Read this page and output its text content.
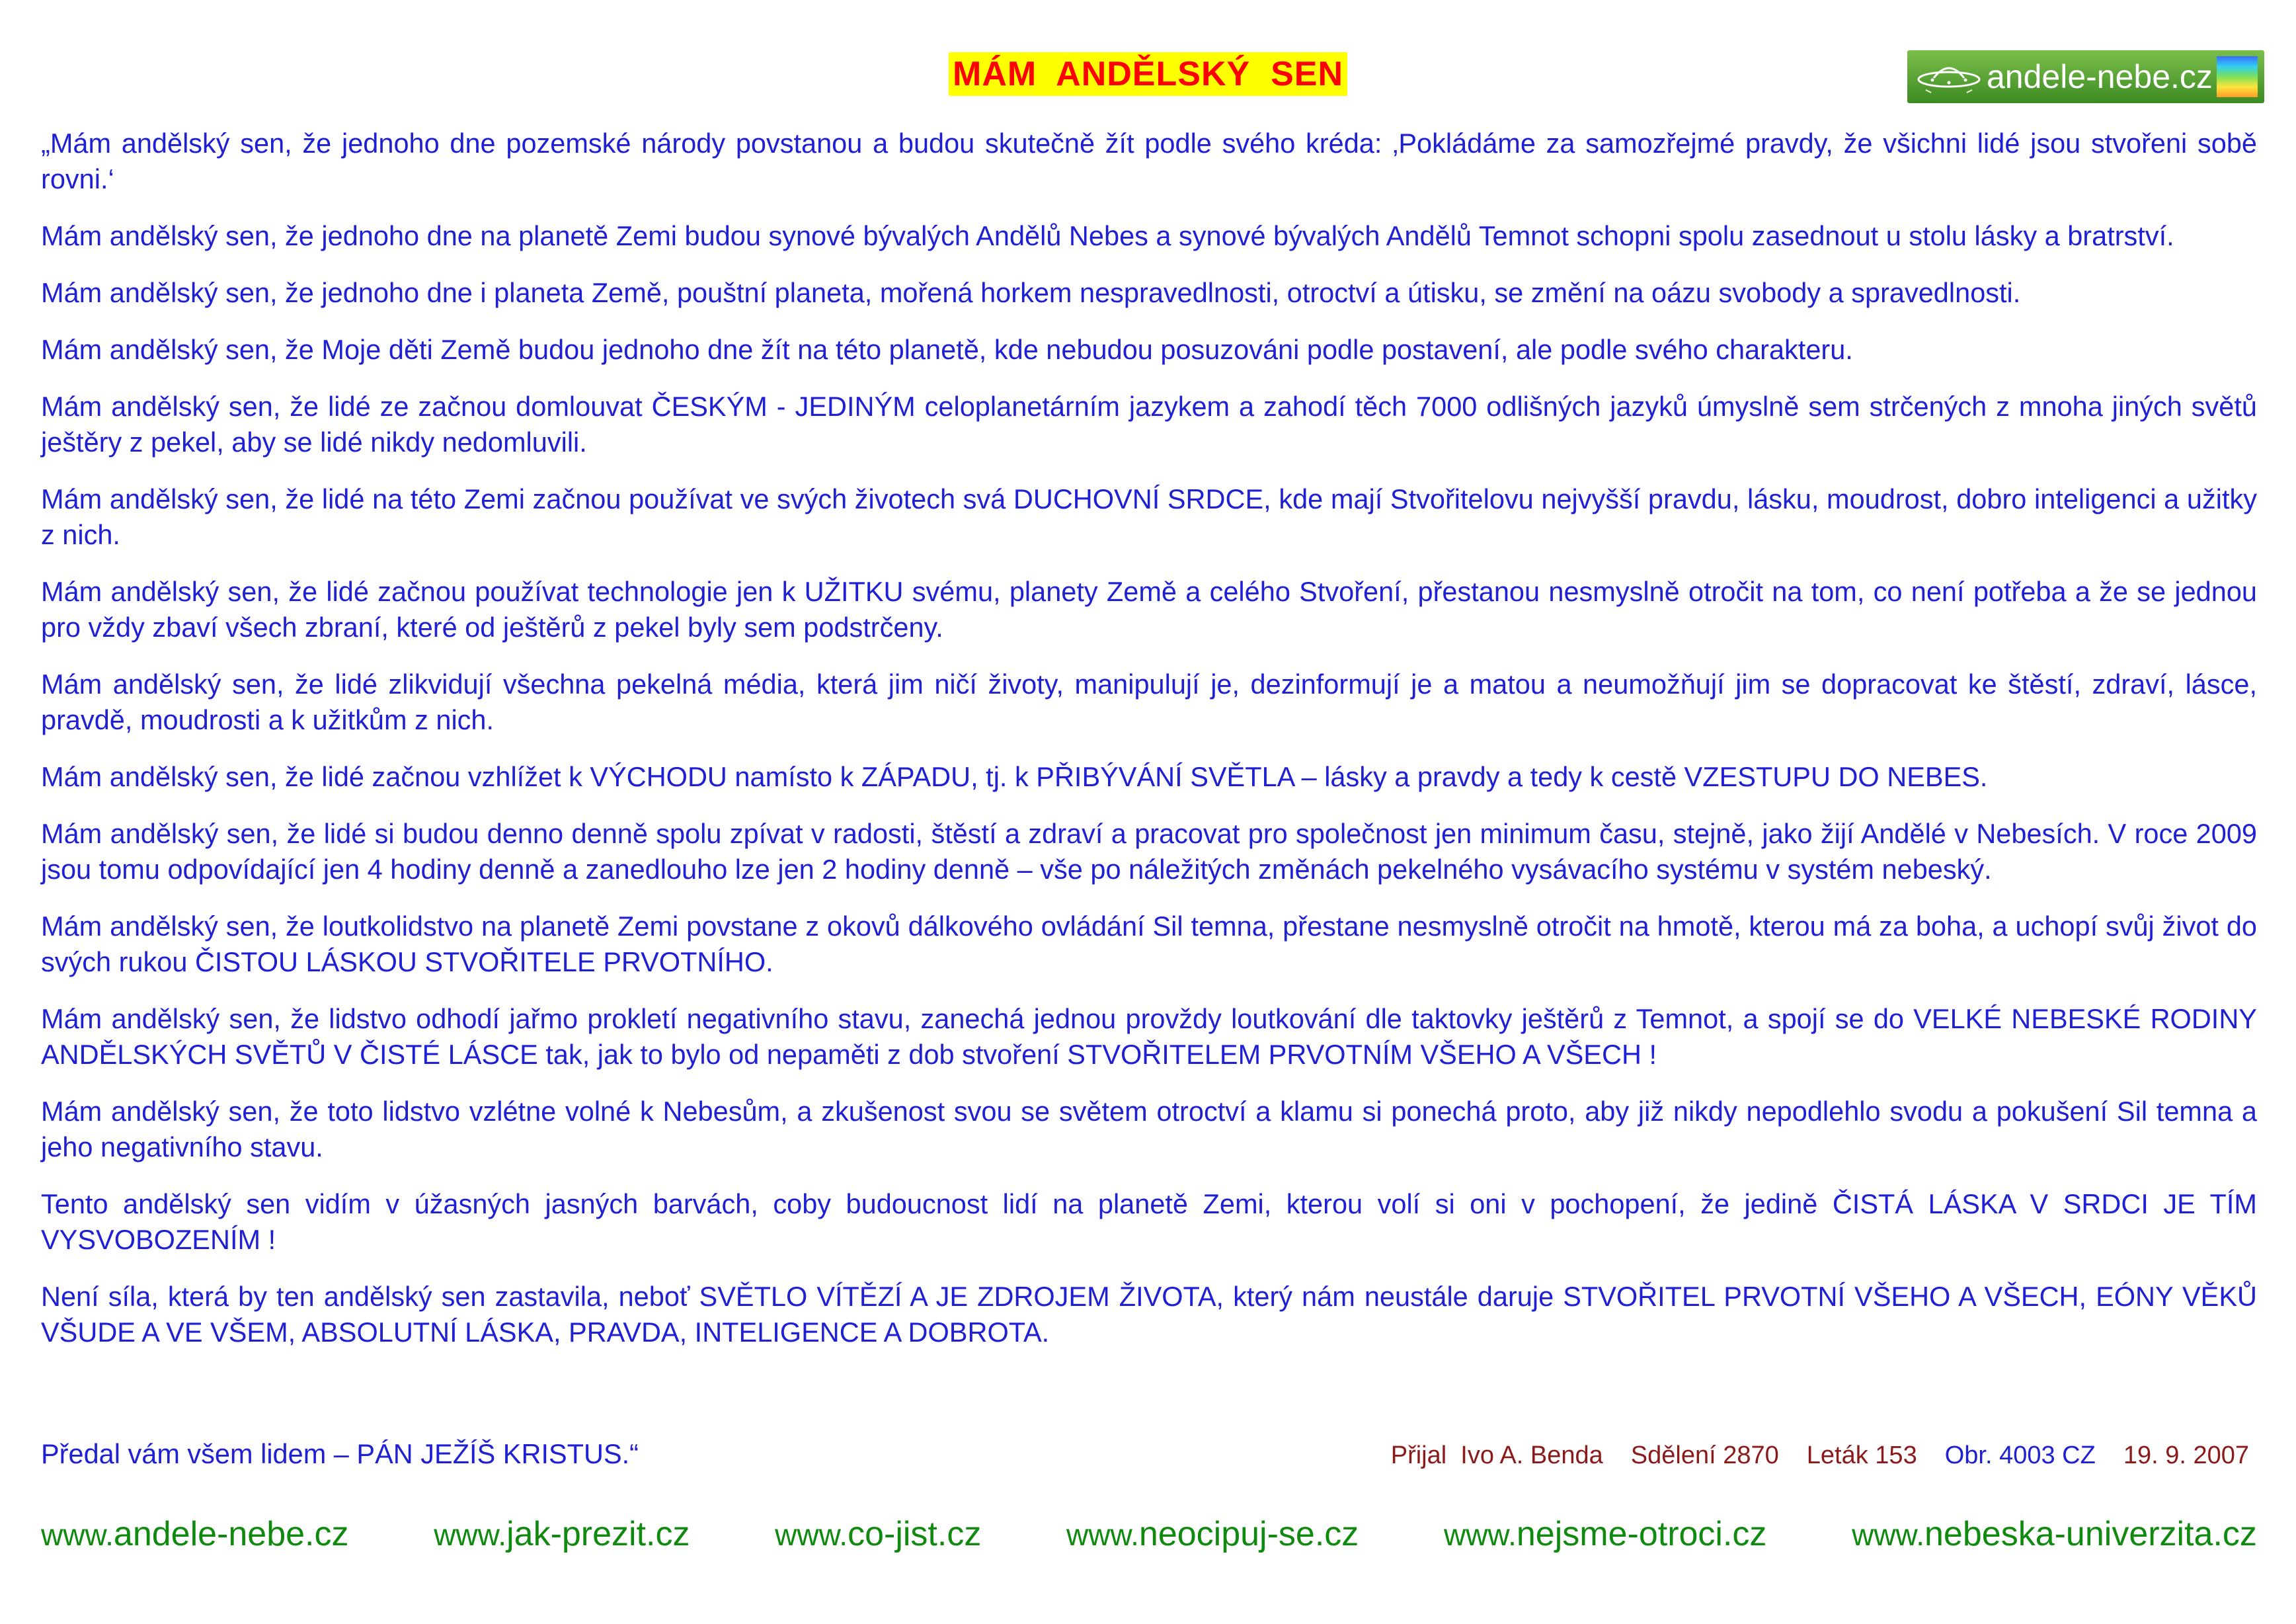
MÁM  ANDĚLSKÝ  SEN	andele-nebe.cz

„Mám andělský sen, že jednoho dne pozemské národy povstanou a budou skutečně žít podle svého kréda: ‚Pokládáme za samozřejmé pravdy, že všichni lidé jsou stvořeni sobě rovni.‘

Mám andělský sen, že jednoho dne na planetě Zemi budou synové bývalých Andělů Nebes a synové bývalých Andělů Temnot schopni spolu zasednout u stolu lásky a bratrství.

Mám andělský sen, že jednoho dne i planeta Země, pouštní planeta, mořená horkem nespravedlnosti, otroctví a útisku, se změní na oázu svobody a spravedlnosti.

Mám andělský sen, že Moje děti Země budou jednoho dne žít na této planetě, kde nebudou posuzováni podle postavení, ale podle svého charakteru.

Mám andělský sen, že lidé ze začnou domlouvat ČESKÝM - JEDINÝM celoplanetárním jazykem a zahodí těch 7000 odlišných jazyků úmyslně sem strčených z mnoha jiných světů ještěry z pekel, aby se lidé nikdy nedomluvili.

Mám andělský sen, že lidé na této Zemi začnou používat ve svých životech svá DUCHOVNÍ SRDCE, kde mají Stvořitelovu nejvyšší pravdu, lásku, moudrost, dobro inteligenci a užitky z nich.

Mám andělský sen, že lidé začnou používat technologie jen k UŽITKU svému, planety Země a celého Stvoření, přestanou nesmyslně otročit na tom, co není potřeba a že se jednou pro vždy zbaví všech zbraní, které od ještěrů z pekel byly sem podstrčeny.

Mám andělský sen, že lidé zlikvidují všechna pekelná média, která jim ničí životy, manipulují je, dezinformují je a matou a neumožňují jim se dopracovat ke štěstí, zdraví, lásce, pravdě, moudrosti a k užitkům z nich.

Mám andělský sen, že lidé začnou vzhlížet k VÝCHODU namísto k ZÁPADU, tj. k PŘIBÝVÁNÍ SVĚTLA – lásky a pravdy a tedy k cestě VZESTUPU DO NEBES.

Mám andělský sen, že lidé si budou denno denně spolu zpívat v radosti, štěstí a zdraví a pracovat pro společnost jen minimum času, stejně, jako žijí Andělé v Nebesích. V roce 2009 jsou tomu odpovídající jen 4 hodiny denně a zanedlouho lze jen 2 hodiny denně – vše po náležitých změnách pekelného vysávacího systému v systém nebeský.

Mám andělský sen, že loutkolidstvo na planetě Zemi povstane z okovů dálkového ovládání Sil temna, přestane nesmyslně otročit na hmotě, kterou má za boha, a uchopí svůj život do svých rukou ČISTOU LÁSKOU STVOŘITELE PRVOTNÍHO.

Mám andělský sen, že lidstvo odhodí jařmo prokletí negativního stavu, zanechá jednou provždy loutkování dle taktovky ještěrů z Temnot, a spojí se do VELKÉ NEBESKÉ RODINY ANDĚLSKÝCH SVĚTŮ V ČISTÉ LÁSCE tak, jak to bylo od nepaměti z dob stvoření STVOŘITELEM PRVOTNÍM VŠEHO A VŠECH !

Mám andělský sen, že toto lidstvo vzlétne volné k Nebesům, a zkušenost svou se světem otroctví a klamu si ponechá proto, aby již nikdy nepodlehlo svodu a pokušení Sil temna a jeho negativního stavu.

Tento andělský sen vidím v úžasných jasných barvách, coby budoucnost lidí na planetě Zemi, kterou volí si oni v pochopení, že jedině ČISTÁ LÁSKA V SRDCI JE TÍM VYSVOBOZENÍM !

Není síla, která by ten andělský sen zastavila, neboť SVĚTLO VÍTĚZÍ A JE ZDROJEM ŽIVOTA, který nám neustále daruje STVOŘITEL PRVOTNÍ VŠEHO A VŠECH, EÓNY VĚKŮ VŠUDE A VE VŠEM, ABSOLUTNÍ LÁSKA, PRAVDA, INTELIGENCE A DOBROTA.

Předal vám všem lidem – PÁN JEŽÍŠ KRISTUS.“	Přijal  Ivo A. Benda Sdělení 2870 Leták 153 Obr. 4003 CZ 19. 9. 2007
www.andele-nebe.cz	www.jak-prezit.cz	www.co-jist.cz	www.neocipuj-se.cz	www.nejsme-otroci.cz	www.nebeska-univerzita.cz
